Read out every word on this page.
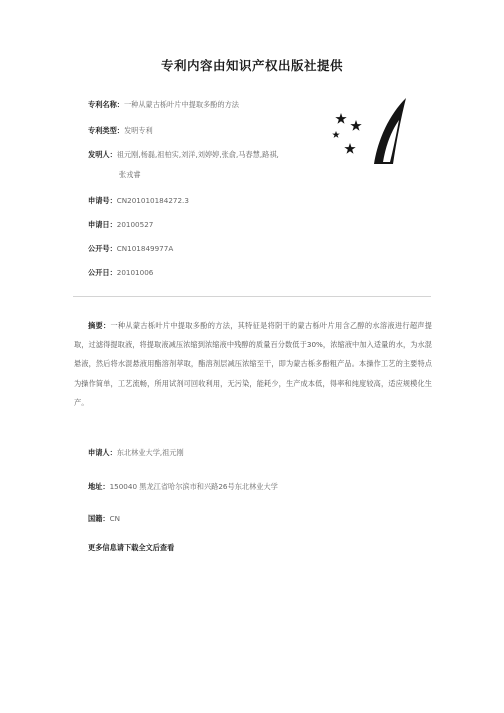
专利内容由知识产权出版社提供
专利名称：一种从蒙古栎叶片中提取多酚的方法
专利类型：发明专利
发明人：祖元刚,杨磊,祖柏实,刘洋,刘婷婷,张俞,马春慧,路祺,
张戎睿
申请号：CN201010184272.3
申请日：20100527
公开号：CN101849977A
公开日：20101006
摘要：一种从蒙古栎叶片中提取多酚的方法，其特征是将阴干的蒙古栎叶片用含乙醇的水溶液进行超声提取，过滤得提取液，将提取液减压浓缩到浓缩液中残醇的质量百分数低于30%，浓缩液中加入适量的水，为水混悬液，然后将水混悬液用酯溶剂萃取，酯溶剂层减压浓缩至干，即为蒙古栎多酚粗产品。本操作工艺的主要特点为操作简单，工艺流畅，所用试剂可回收利用，无污染，能耗少，生产成本低，得率和纯度较高，适应规模化生产。
申请人：东北林业大学,祖元刚
地址：150040 黑龙江省哈尔滨市和兴路26号东北林业大学
国籍：CN
更多信息请下载全文后查看
